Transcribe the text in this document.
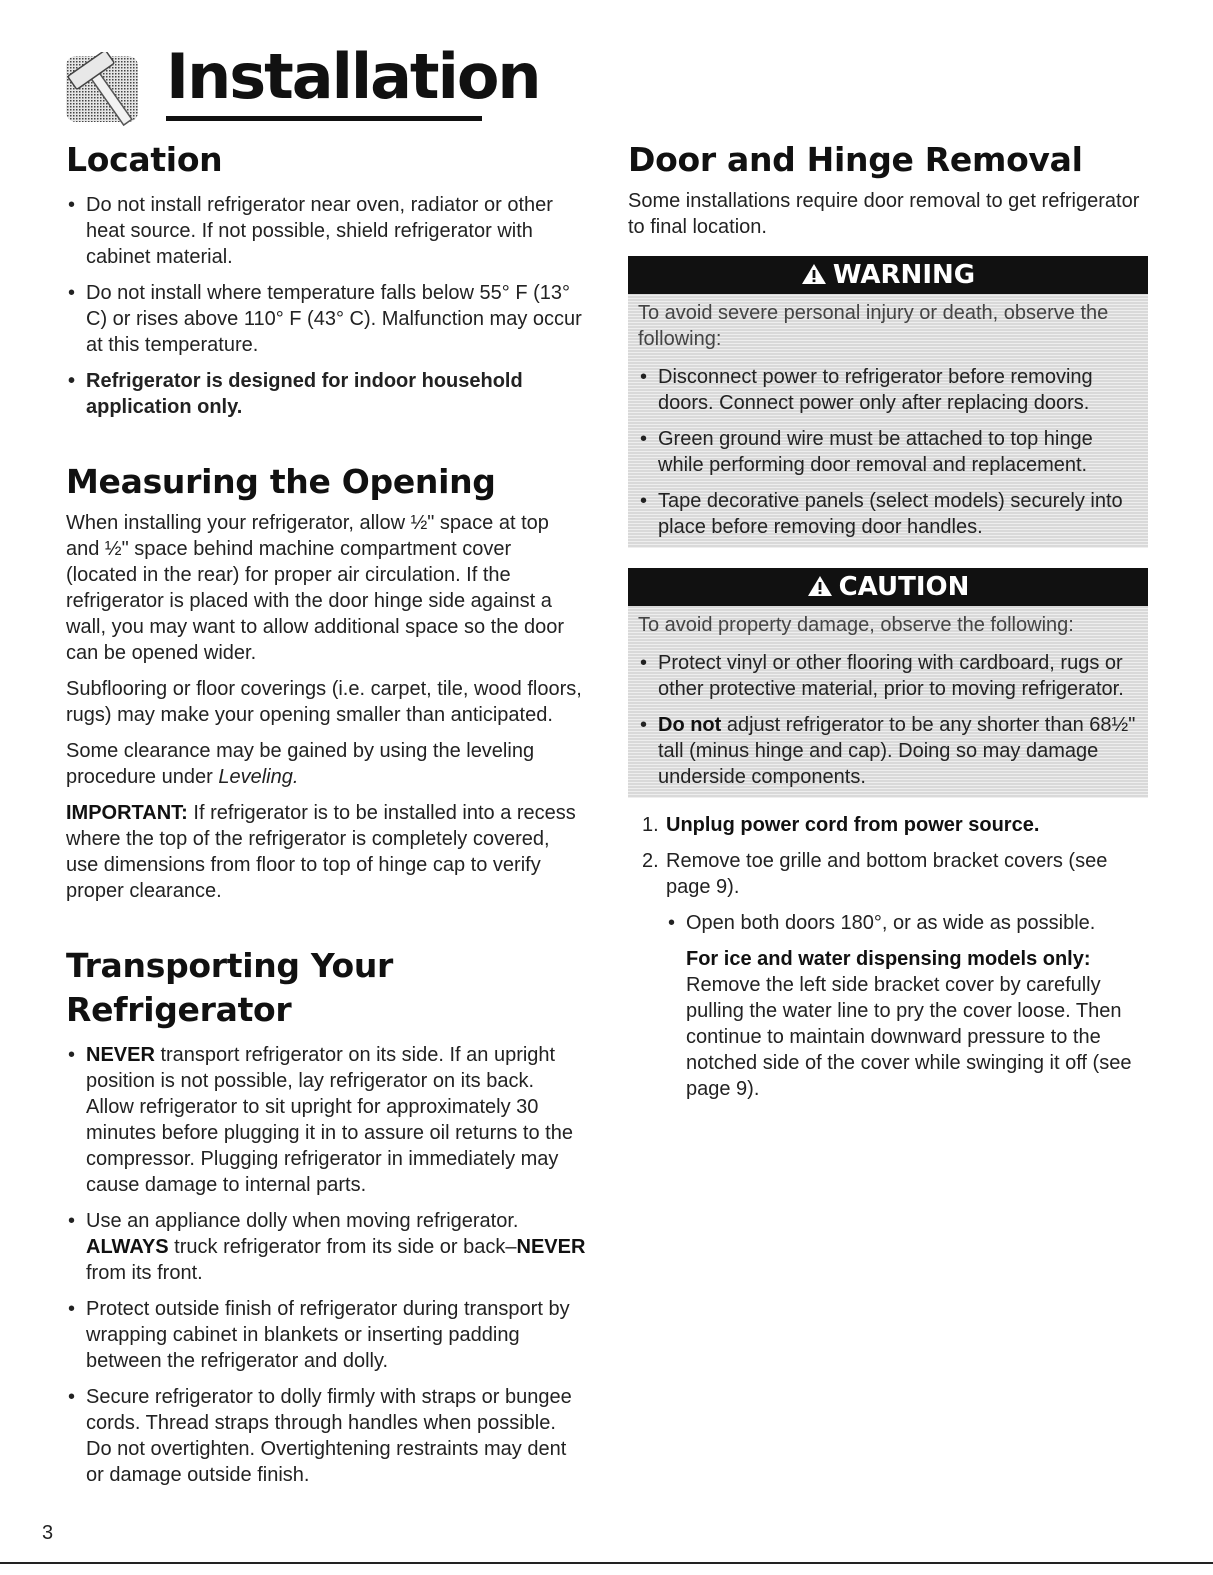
Installation
Location
• Do not install refrigerator near oven, radiator or other heat source. If not possible, shield refrigerator with cabinet material.
• Do not install where temperature falls below 55° F (13° C) or rises above 110° F (43° C). Malfunction may occur at this temperature.
• Refrigerator is designed for indoor household application only.
Measuring the Opening

When installing your refrigerator, allow ½" space at top and ½" space behind machine compartment cover (located in the rear) for proper air circulation. If the refrigerator is placed with the door hinge side against a wall, you may want to allow additional space so the door can be opened wider.

Subflooring or floor coverings (i.e. carpet, tile, wood floors, rugs) may make your opening smaller than anticipated.

Some clearance may be gained by using the leveling procedure under Leveling.

IMPORTANT: If refrigerator is to be installed into a recess where the top of the refrigerator is completely covered, use dimensions from floor to top of hinge cap to verify proper clearance.

Transporting Your Refrigerator
• NEVER transport refrigerator on its side. If an upright position is not possible, lay refrigerator on its back. Allow refrigerator to sit upright for approximately 30 minutes before plugging it in to assure oil returns to the compressor. Plugging refrigerator in immediately may cause damage to internal parts.
• Use an appliance dolly when moving refrigerator. ALWAYS truck refrigerator from its side or back–NEVER from its front.
• Protect outside finish of refrigerator during transport by wrapping cabinet in blankets or inserting padding between the refrigerator and dolly.
• Secure refrigerator to dolly firmly with straps or bungee cords. Thread straps through handles when possible. Do not overtighten. Overtightening restraints may dent or damage outside finish.
Door and Hinge Removal

Some installations require door removal to get refrigerator to final location.

WARNING

To avoid severe personal injury or death, observe the following:

• Disconnect power to refrigerator before removing doors. Connect power only after replacing doors.
• Green ground wire must be attached to top hinge while performing door removal and replacement.
• Tape decorative panels (select models) securely into place before removing door handles.
CAUTION

To avoid property damage, observe the following:

• Protect vinyl or other flooring with cardboard, rugs or other protective material, prior to moving refrigerator.
• Do not adjust refrigerator to be any shorter than 68½" tall (minus hinge and cap). Doing so may damage underside components.
1. Unplug power cord from power source.
2. Remove toe grille and bottom bracket covers (see page 9).
• Open both doors 180°, or as wide as possible.

For ice and water dispensing models only:

Remove the left side bracket cover by carefully pulling the water line to pry the cover loose. Then continue to maintain downward pressure to the notched side of the cover while swinging it off (see page 9).

3
